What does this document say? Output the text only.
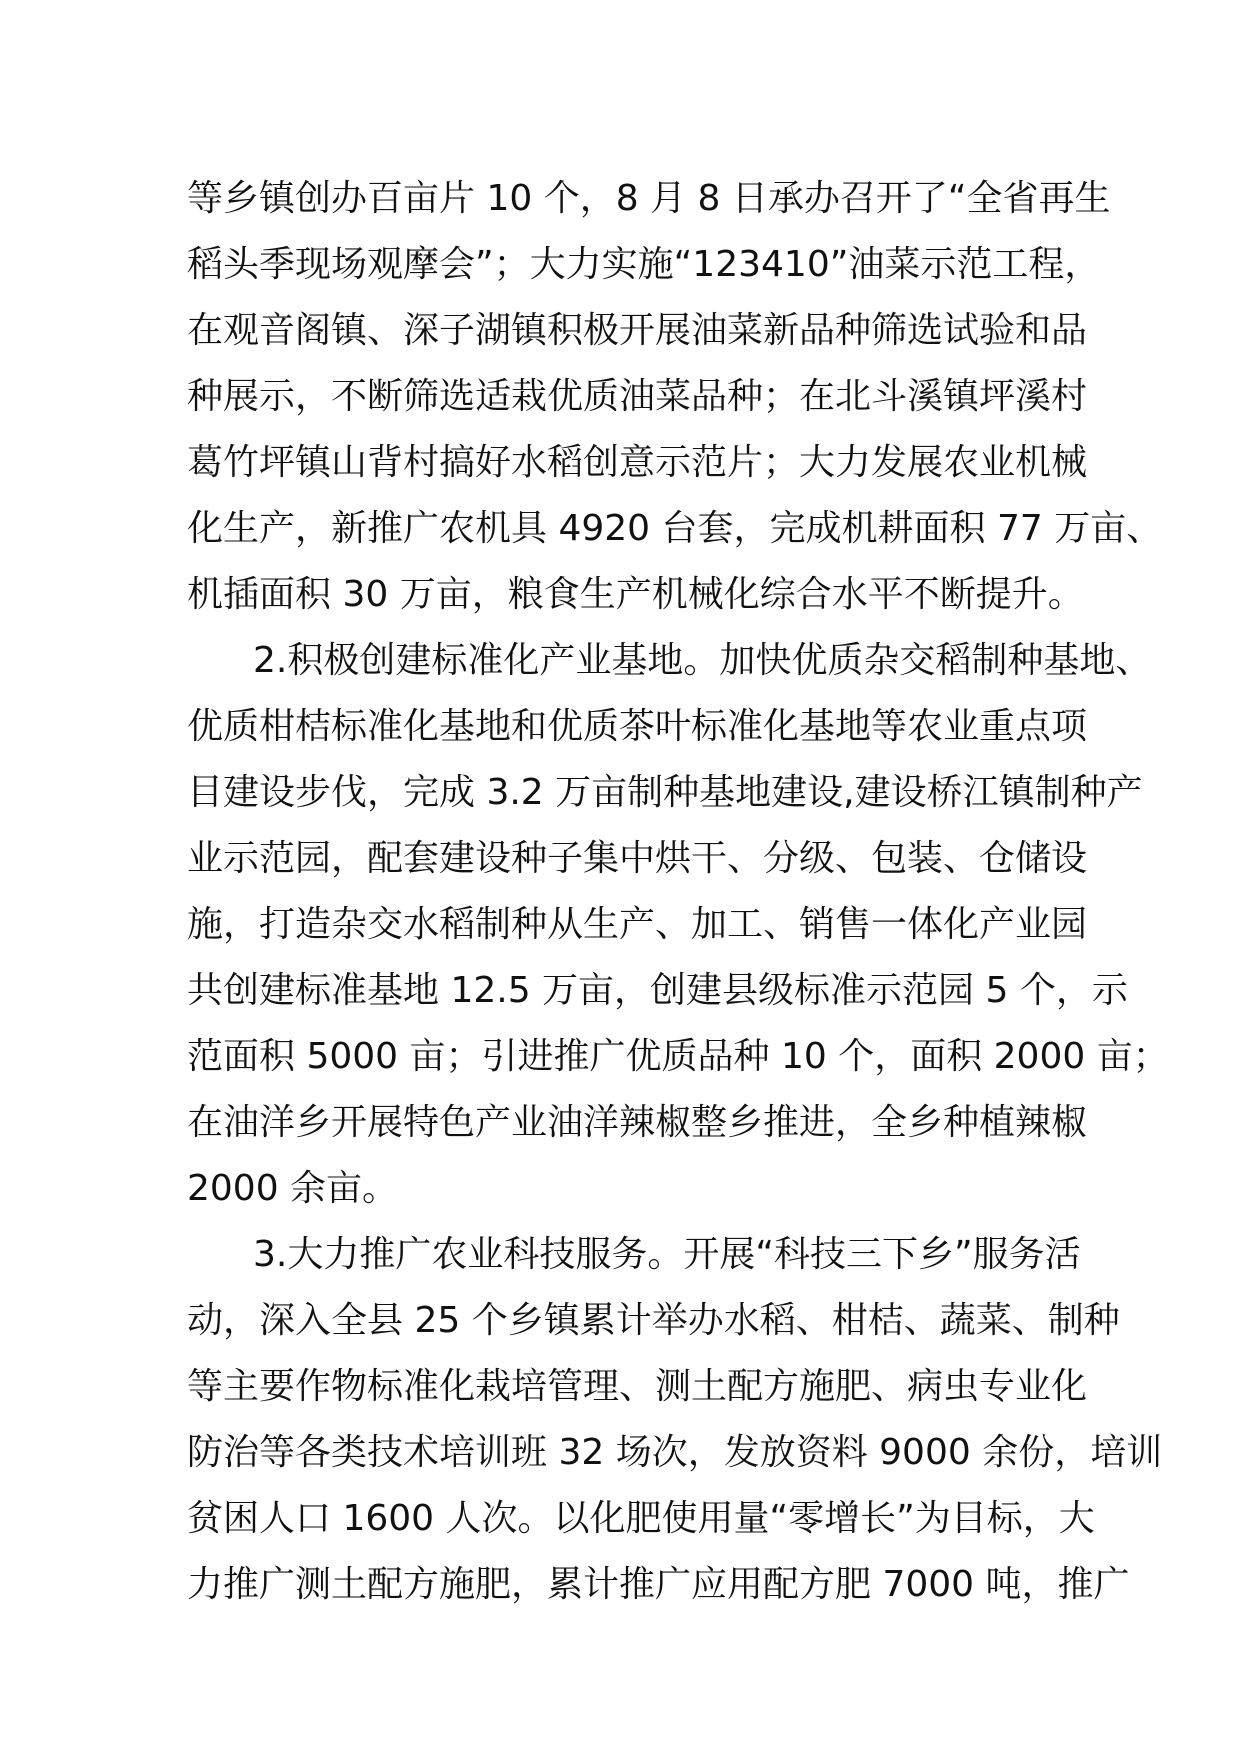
等乡镇创办百亩片 10 个，8 月 8 日承办召开了“全省再生
稻头季现场观摩会”；大力实施“123410”油菜示范工程，
在观音阁镇、深子湖镇积极开展油菜新品种筛选试验和品
种展示，不断筛选适栽优质油菜品种；在北斗溪镇坪溪村
葛竹坪镇山背村搞好水稻创意示范片；大力发展农业机械
化生产，新推广农机具 4920 台套，完成机耕面积 77 万亩、
机插面积 30 万亩，粮食生产机械化综合水平不断提升。
2.积极创建标准化产业基地。加快优质杂交稻制种基地、
优质柑桔标准化基地和优质茶叶标准化基地等农业重点项
目建设步伐，完成 3.2 万亩制种基地建设,建设桥江镇制种产
业示范园，配套建设种子集中烘干、分级、包装、仓储设
施，打造杂交水稻制种从生产、加工、销售一体化产业园
共创建标准基地 12.5 万亩，创建县级标准示范园 5 个，示
范面积 5000 亩；引进推广优质品种 10 个，面积 2000 亩；
在油洋乡开展特色产业油洋辣椒整乡推进，全乡种植辣椒
2000 余亩。
3.大力推广农业科技服务。开展“科技三下乡”服务活
动，深入全县 25 个乡镇累计举办水稻、柑桔、蔬菜、制种
等主要作物标准化栽培管理、测土配方施肥、病虫专业化
防治等各类技术培训班 32 场次，发放资料 9000 余份，培训
贫困人口 1600 人次。以化肥使用量“零增长”为目标，大
力推广测土配方施肥，累计推广应用配方肥 7000 吨，推广
